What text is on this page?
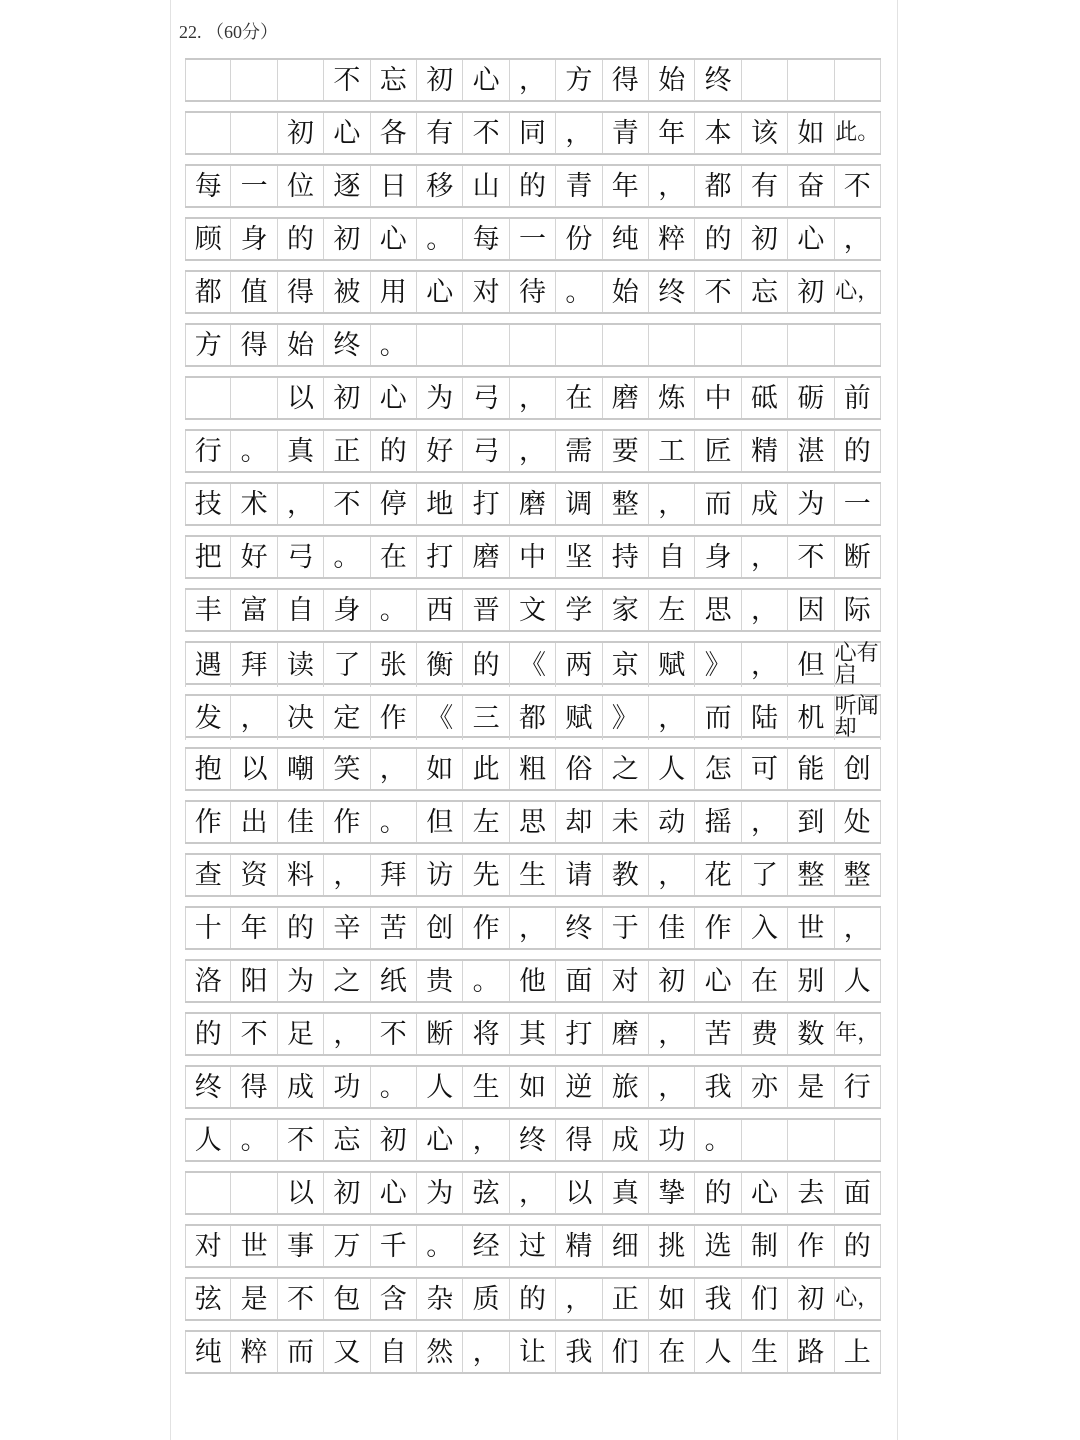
22. （60分）
不 忘 初 心 ， 方 得 始 终
初 心 各 有 不 同 ， 青 年 本 该 如 此。
每 一 位 逐 日 移 山 的 青 年 ， 都 有 奋 不
顾 身 的 初 心 。 每 一 份 纯 粹 的 初 心 ，
都 值 得 被 用 心 对 待 。 始 终 不 忘 初 心，
方 得 始 终 。
以 初 心 为 弓 ， 在 磨 炼 中 砥 砺 前
行 。 真 正 的 好 弓 ， 需 要 工 匠 精 湛 的
技 术 ， 不 停 地 打 磨 调 整 ， 而 成 为 一
把 好 弓 。 在 打 磨 中 坚 持 自 身 ， 不 断
丰 富 自 身 。 西 晋 文 学 家 左 思 ， 因 际
遇 拜 读 了 张 衡 的 《 两 京 赋 》 ， 但 心有启
发 ， 决 定 作 《 三 都 赋 》 ， 而 陆 机 听闻却
抱 以 嘲 笑 ， 如 此 粗 俗 之 人 怎 可 能 创
作 出 佳 作 。 但 左 思 却 未 动 摇 ， 到 处
查 资 料 ， 拜 访 先 生 请 教 ， 花 了 整 整
十 年 的 辛 苦 创 作 ， 终 于 佳 作 入 世 ，
洛 阳 为 之 纸 贵 。 他 面 对 初 心 在 别 人
的 不 足 ， 不 断 将 其 打 磨 ， 苦 费 数 年，
终 得 成 功 。 人 生 如 逆 旅 ， 我 亦 是 行
人 。 不 忘 初 心 ， 终 得 成 功 。
以 初 心 为 弦 ， 以 真 挚 的 心 去 面
对 世 事 万 千 。 经 过 精 细 挑 选 制 作 的
弦 是 不 包 含 杂 质 的 ， 正 如 我 们 初 心，
纯 粹 而 又 自 然 ， 让 我 们 在 人 生 路 上
